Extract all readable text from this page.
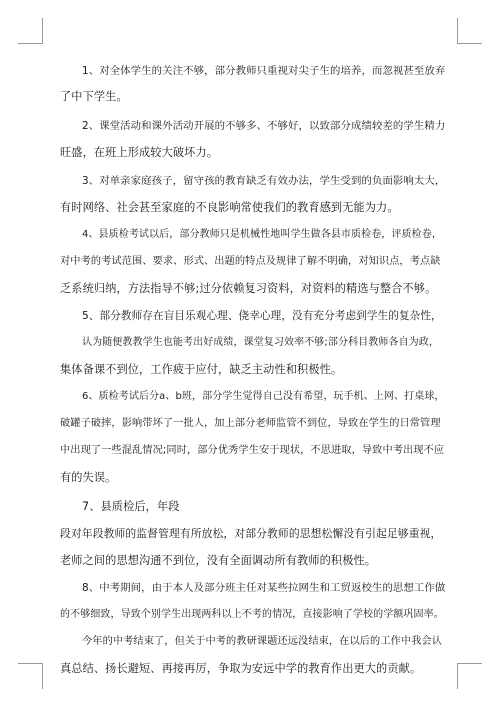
1、对全体学生的关注不够，部分教师只重视对尖子生的培养，而忽视甚至放弃
了中下学生。
2、课堂活动和课外活动开展的不够多、不够好，以致部分成绩较差的学生精力
旺盛，在班上形成较大破坏力。
3、对单亲家庭孩子，留守孩的教育缺乏有效办法，学生受到的负面影响太大，
有时网络、社会甚至家庭的不良影响常使我们的教育感到无能为力。
4、县质检考试以后，部分教师只是机械性地叫学生做各县市质检卷，评质检卷，
对中考的考试范围、要求、形式、出题的特点及规律了解不明确，对知识点，考点缺
乏系统归纳，方法指导不够;过分依赖复习资料，对资料的精选与整合不够。
5、部分教师存在盲目乐观心理、侥幸心理，没有充分考虑到学生的复杂性，
认为随便教教学生也能考出好成绩，课堂复习效率不够;部分科目教师各自为政，
集体备课不到位，工作疲于应付，缺乏主动性和积极性。
6、质检考试后分a、b班，部分学生觉得自己没有希望，玩手机、上网、打桌球，
破罐子破摔，影响带坏了一批人，加上部分老师监管不到位，导致在学生的日常管理
中出现了一些混乱情况;同时，部分优秀学生安于现状，不思进取，导致中考出现不应
有的失误。
7、县质检后，年段
段对年段教师的监督管理有所放松，对部分教师的思想松懈没有引起足够重视，
老师之间的思想沟通不到位，没有全面调动所有教师的积极性。
8、中考期间，由于本人及部分班主任对某些拉网生和工贸返校生的思想工作做
的不够细致，导致个别学生出现两科以上不考的情况，直接影响了学校的学额巩固率。
今年的中考结束了，但关于中考的教研课题还远没结束，在以后的工作中我会认
真总结、扬长避短、再接再厉，争取为安远中学的教育作出更大的贡献。
